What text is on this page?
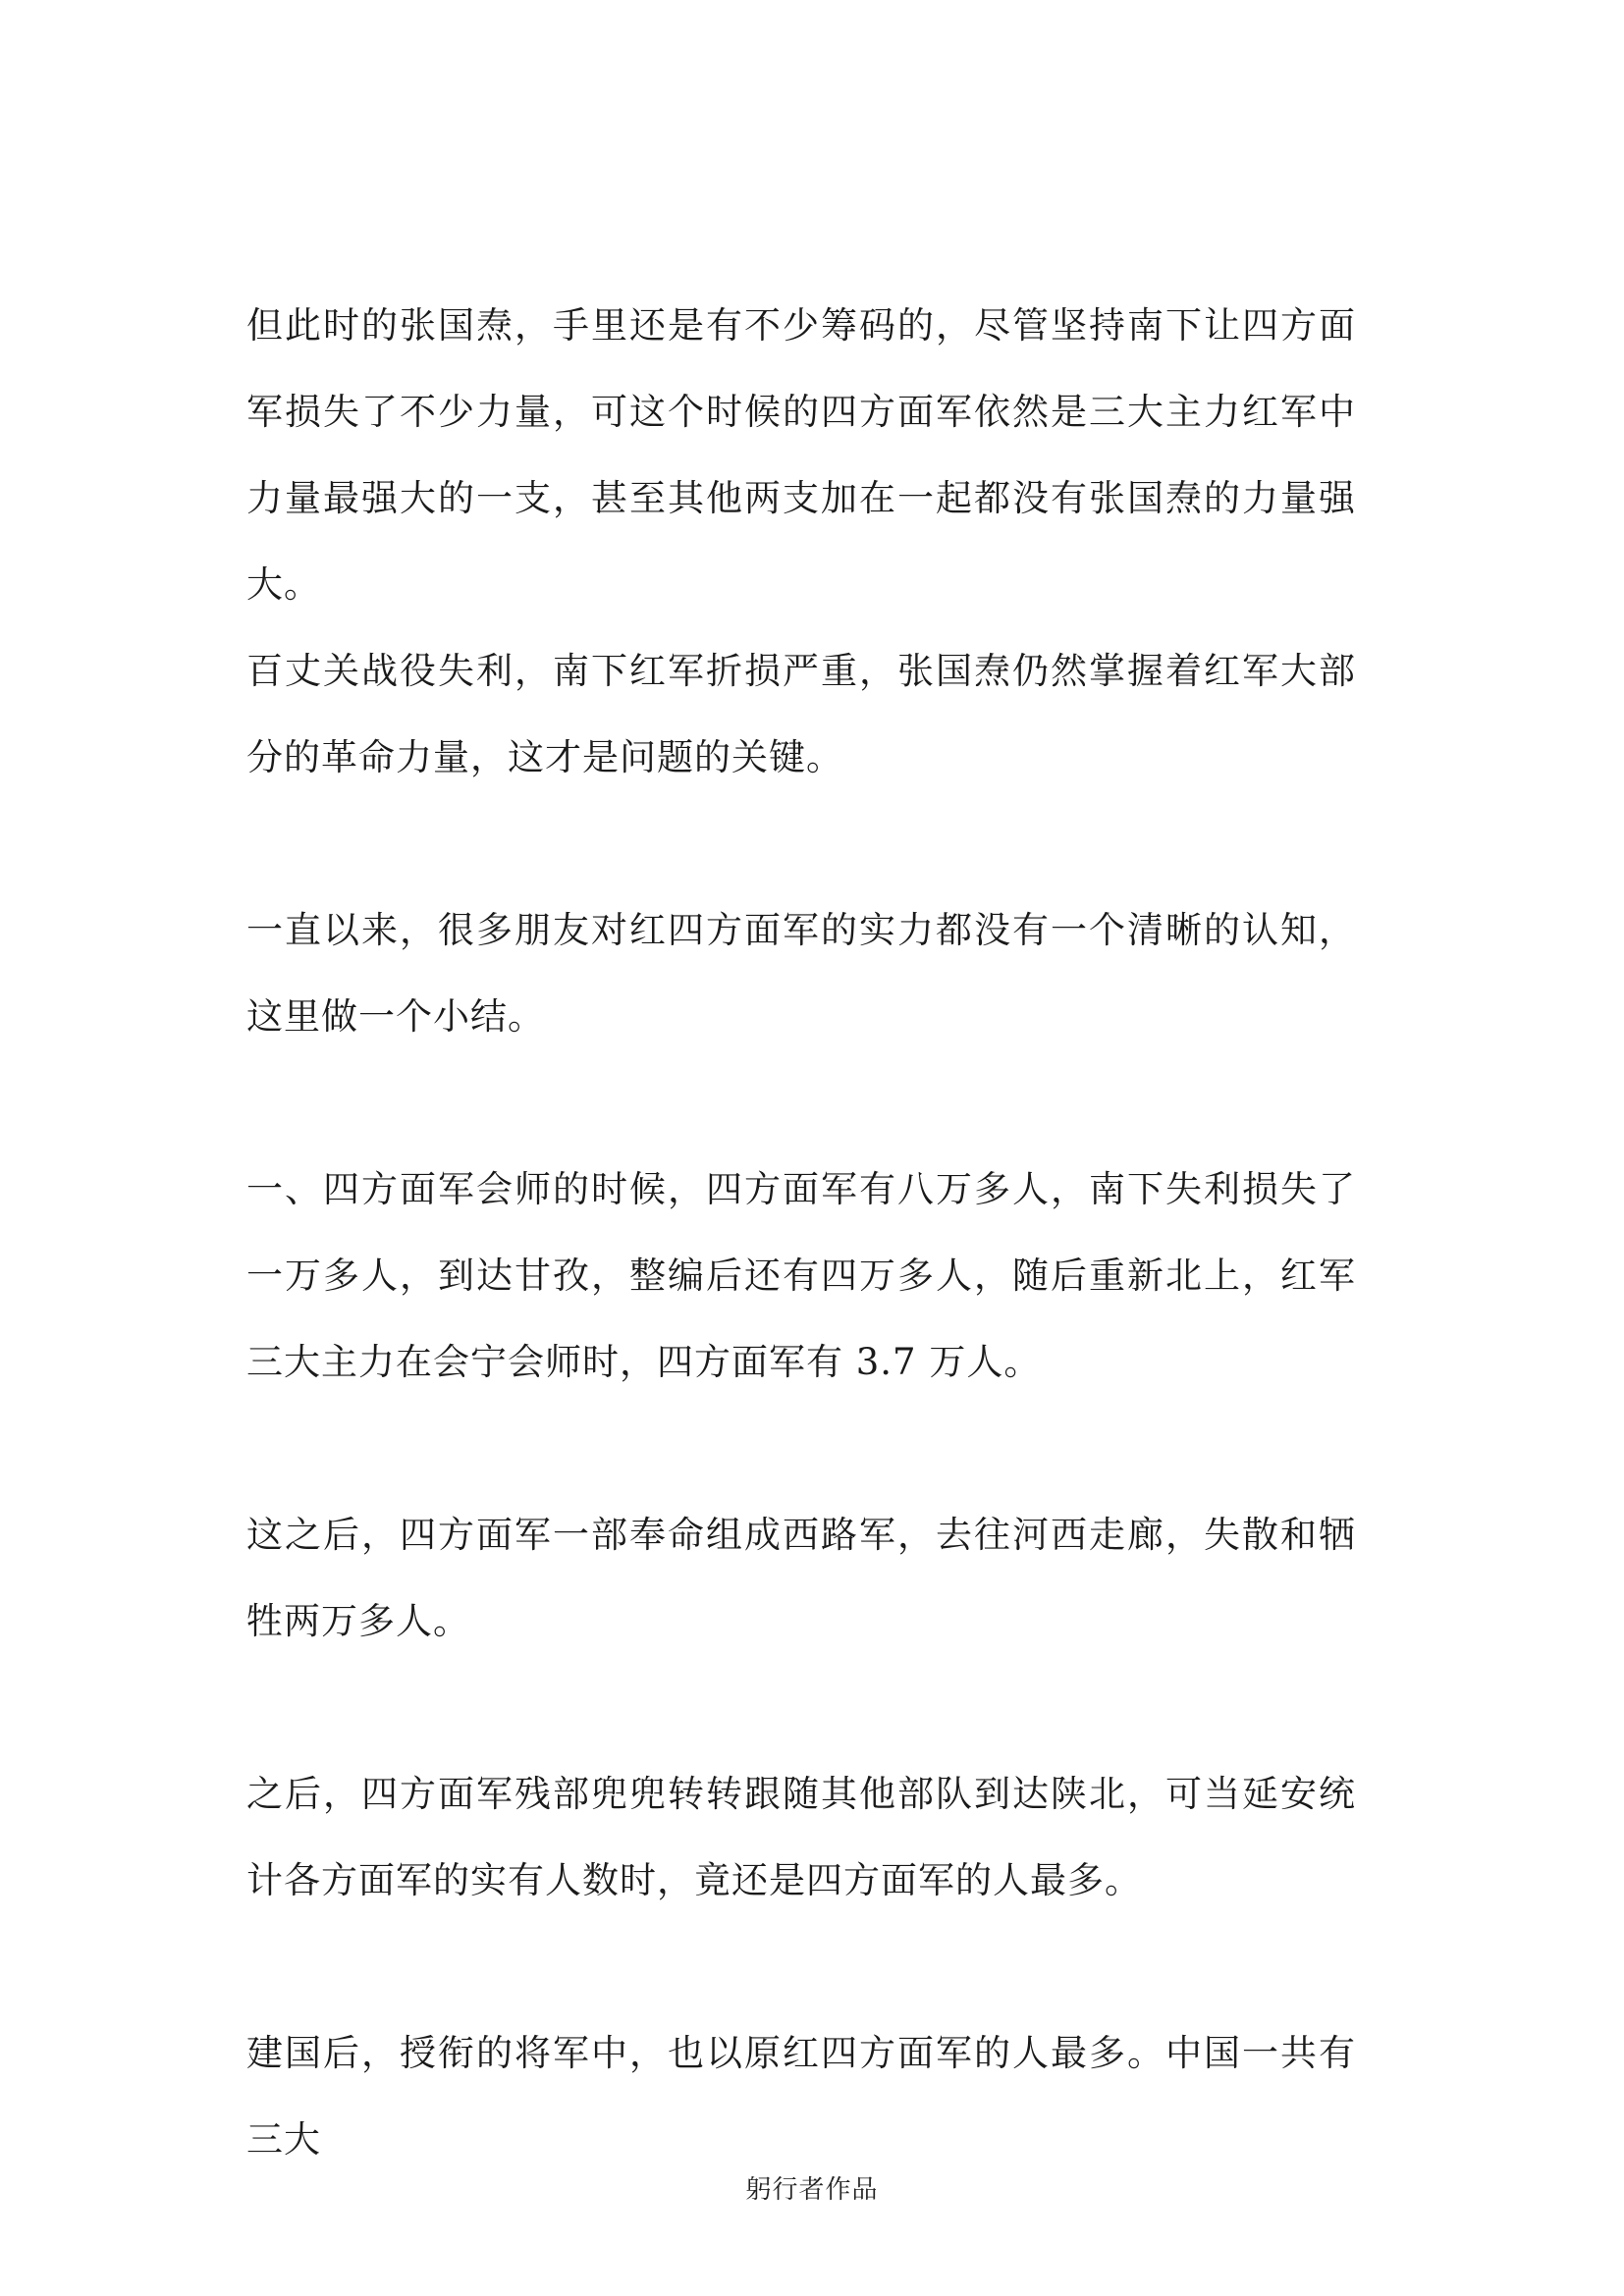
但此时的张国焘，手里还是有不少筹码的，尽管坚持南下让四方面军损失了不少力量，可这个时候的四方面军依然是三大主力红军中力量最强大的一支，甚至其他两支加在一起都没有张国焘的力量强大。

百丈关战役失利，南下红军折损严重，张国焘仍然掌握着红军大部分的革命力量，这才是问题的关键。

一直以来，很多朋友对红四方面军的实力都没有一个清晰的认知，这里做一个小结。

一、四方面军会师的时候，四方面军有八万多人，南下失利损失了一万多人，到达甘孜，整编后还有四万多人，随后重新北上，红军三大主力在会宁会师时，四方面军有 3.7 万人。

这之后，四方面军一部奉命组成西路军，去往河西走廊，失散和牺牲两万多人。

之后，四方面军残部兜兜转转跟随其他部队到达陕北，可当延安统计各方面军的实有人数时，竟还是四方面军的人最多。

建国后，授衔的将军中，也以原红四方面军的人最多。中国一共有三大

躬行者作品
